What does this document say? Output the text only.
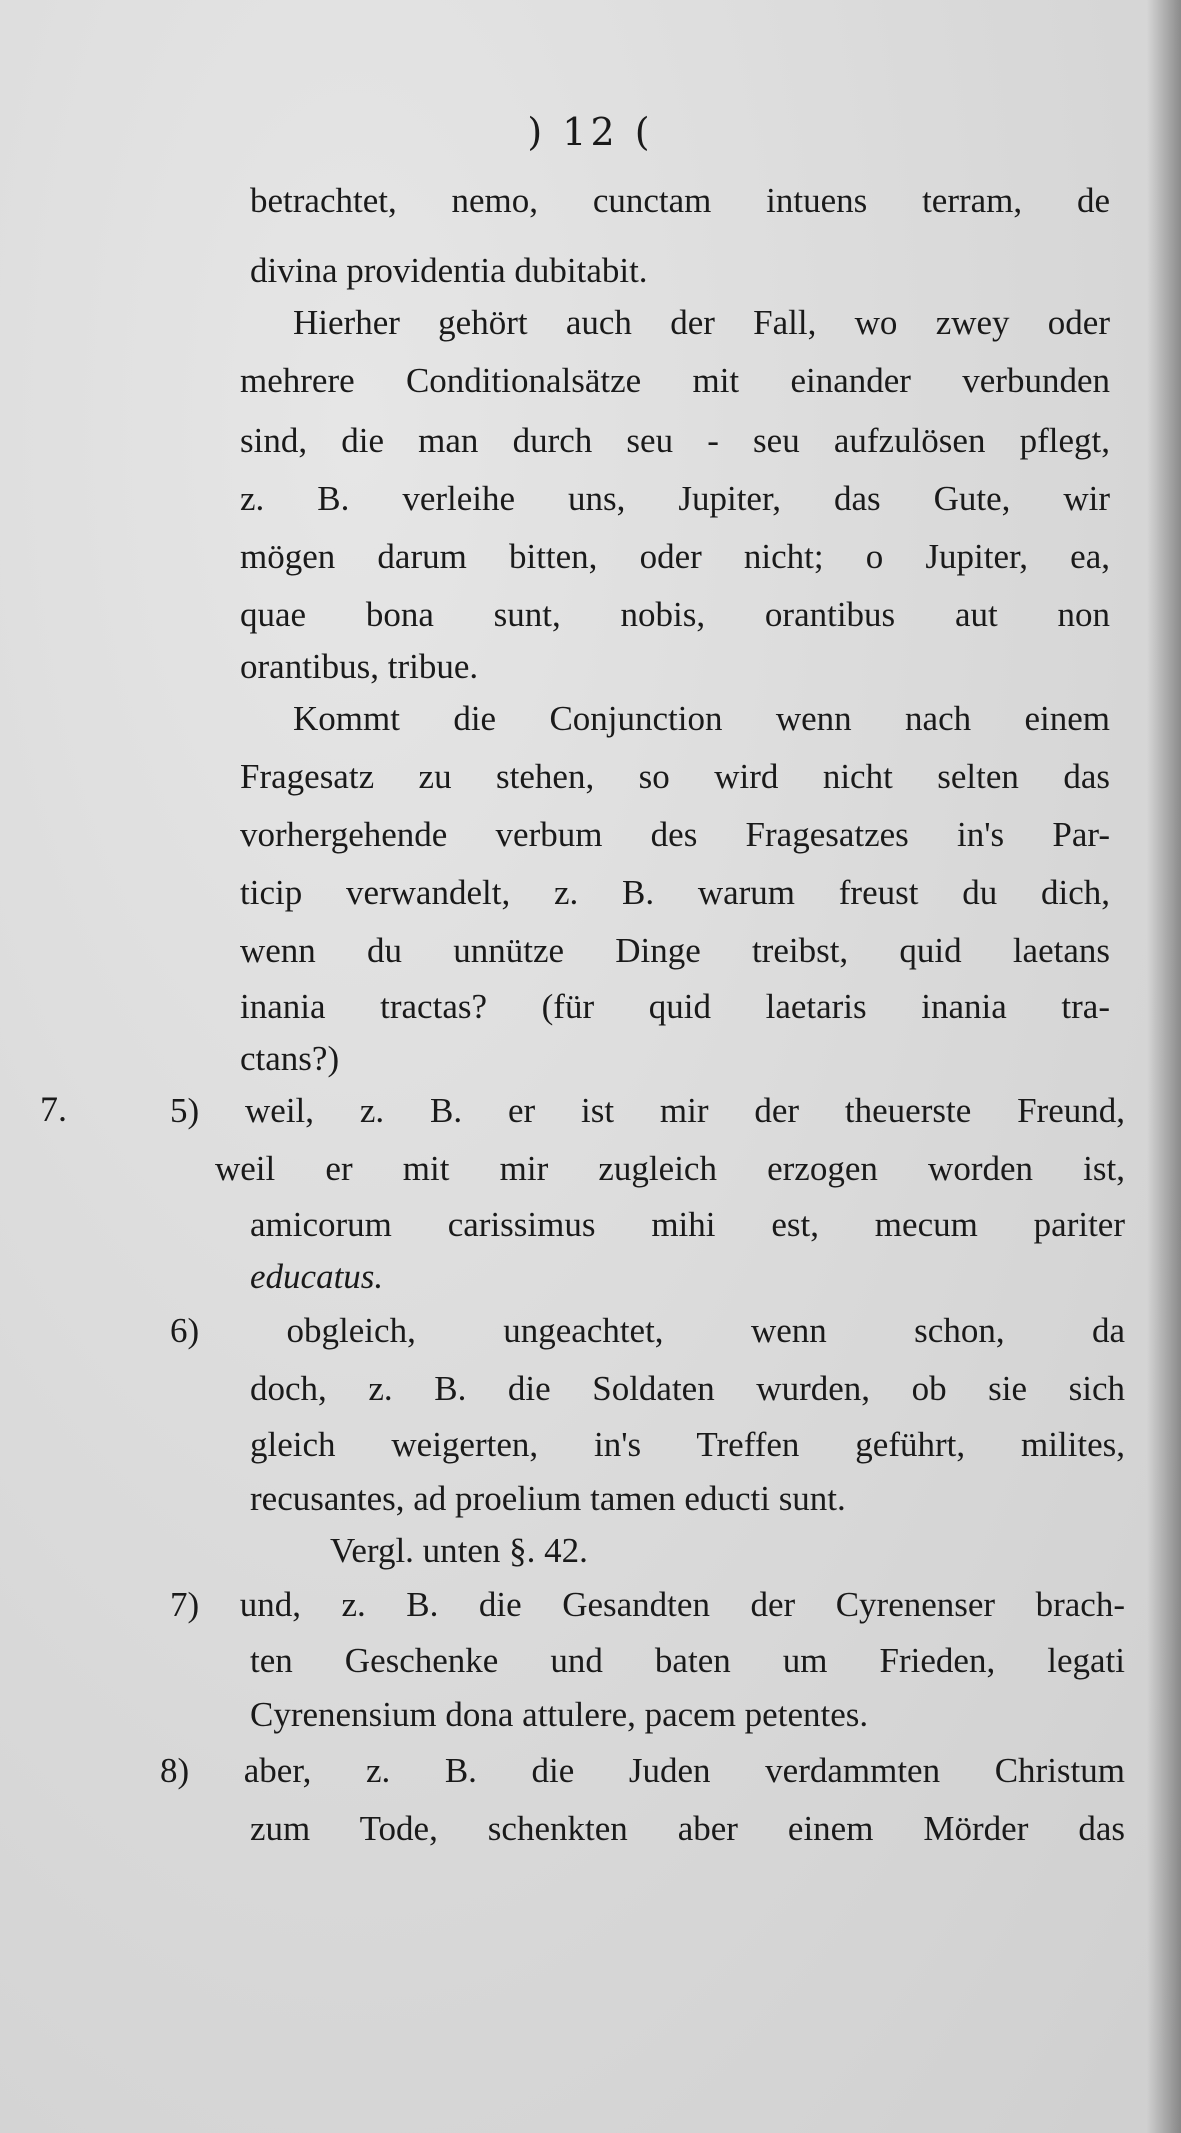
) 12 (
7.
betrachtet, nemo, cunctam intuens terram, de
divina providentia dubitabit.
Hierher gehört auch der Fall, wo zwey oder
mehrere Conditionalsätze mit einander verbunden
sind, die man durch seu - seu aufzulösen pflegt,
z. B. verleihe uns, Jupiter, das Gute, wir
mögen darum bitten, oder nicht; o Jupiter, ea,
quae bona sunt, nobis, orantibus aut non
orantibus, tribue.
Kommt die Conjunction wenn nach einem
Fragesatz zu stehen, so wird nicht selten das
vorhergehende verbum des Fragesatzes in's Par-
ticip verwandelt, z. B. warum freust du dich,
wenn du unnütze Dinge treibst, quid laetans
inania tractas? (für quid laetaris inania tra-
ctans?)
5) weil, z. B. er ist mir der theuerste Freund,
weil er mit mir zugleich erzogen worden ist,
amicorum carissimus mihi est, mecum pariter
educatus.
6) obgleich, ungeachtet, wenn schon, da
doch, z. B. die Soldaten wurden, ob sie sich
gleich weigerten, in's Treffen geführt, milites,
recusantes, ad proelium tamen educti sunt.
Vergl. unten §. 42.
7) und, z. B. die Gesandten der Cyrenenser brach-
ten Geschenke und baten um Frieden, legati
Cyrenensium dona attulere, pacem petentes.
8) aber, z. B. die Juden verdammten Christum
zum Tode, schenkten aber einem Mörder das
